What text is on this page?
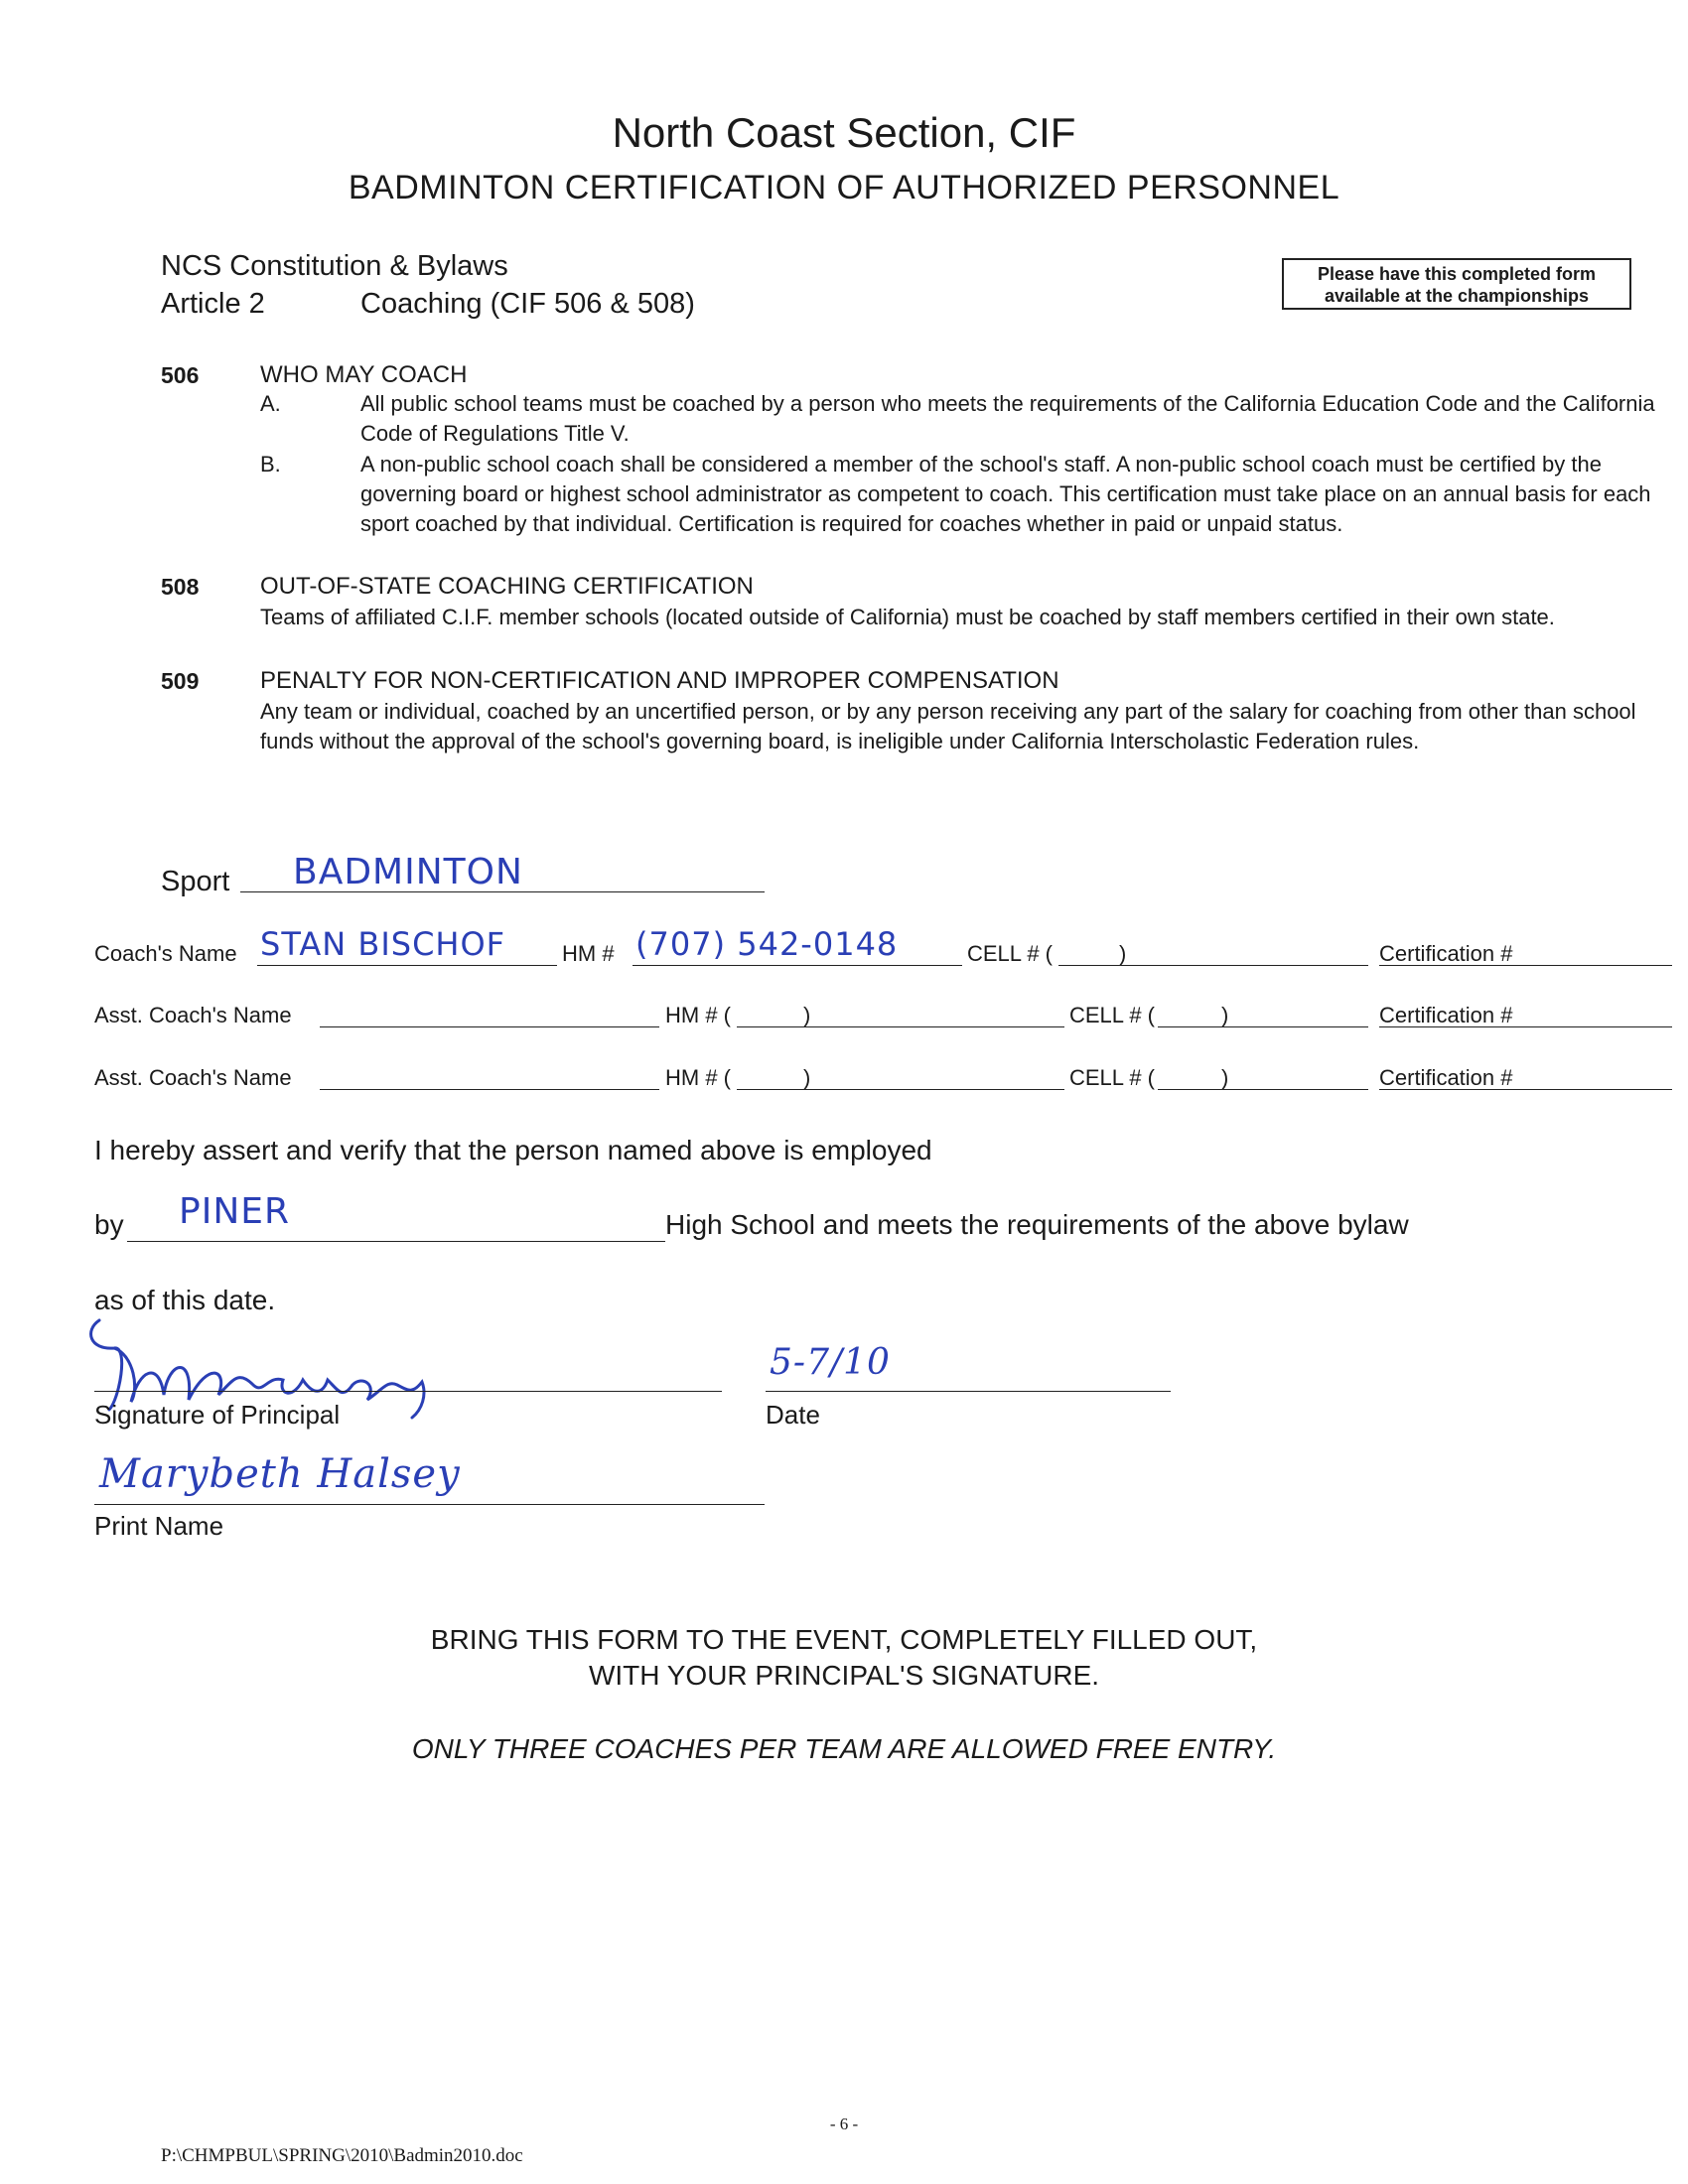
North Coast Section, CIF
BADMINTON CERTIFICATION OF AUTHORIZED PERSONNEL
NCS Constitution & Bylaws
Article 2	Coaching (CIF 506 & 508)
Please have this completed form
available at the championships
506	WHO MAY COACH
A.	All public school teams must be coached by a person who meets the requirements of the California Education Code and the California Code of Regulations Title V.
B.	A non-public school coach shall be considered a member of the school's staff. A non-public school coach must be certified by the governing board or highest school administrator as competent to coach. This certification must take place on an annual basis for each sport coached by that individual. Certification is required for coaches whether in paid or unpaid status.
508	OUT-OF-STATE COACHING CERTIFICATION
Teams of affiliated C.I.F. member schools (located outside of California) must be coached by staff members certified in their own state.
509	PENALTY FOR NON-CERTIFICATION AND IMPROPER COMPENSATION
Any team or individual, coached by an uncertified person, or by any person receiving any part of the salary for coaching from other than school funds without the approval of the school's governing board, is ineligible under California Interscholastic Federation rules.
Sport BADMINTON
Coach's Name STAN BISCHOF	HM # (707) 542-0148	CELL # (	)	Certification #
Asst. Coach's Name	HM # (	)	CELL # (	)	Certification #
Asst. Coach's Name	HM # (	)	CELL # (	)	Certification #
I hereby assert and verify that the person named above is employed
by PINER	High School and meets the requirements of the above bylaw
as of this date.
Signature of Principal
5-7/10
Date
Marybeth Halsey
Print Name
BRING THIS FORM TO THE EVENT, COMPLETELY FILLED OUT,
WITH YOUR PRINCIPAL'S SIGNATURE.
ONLY THREE COACHES PER TEAM ARE ALLOWED FREE ENTRY.
- 6 -
P:\CHMPBUL\SPRING\2010\Badmin2010.doc
